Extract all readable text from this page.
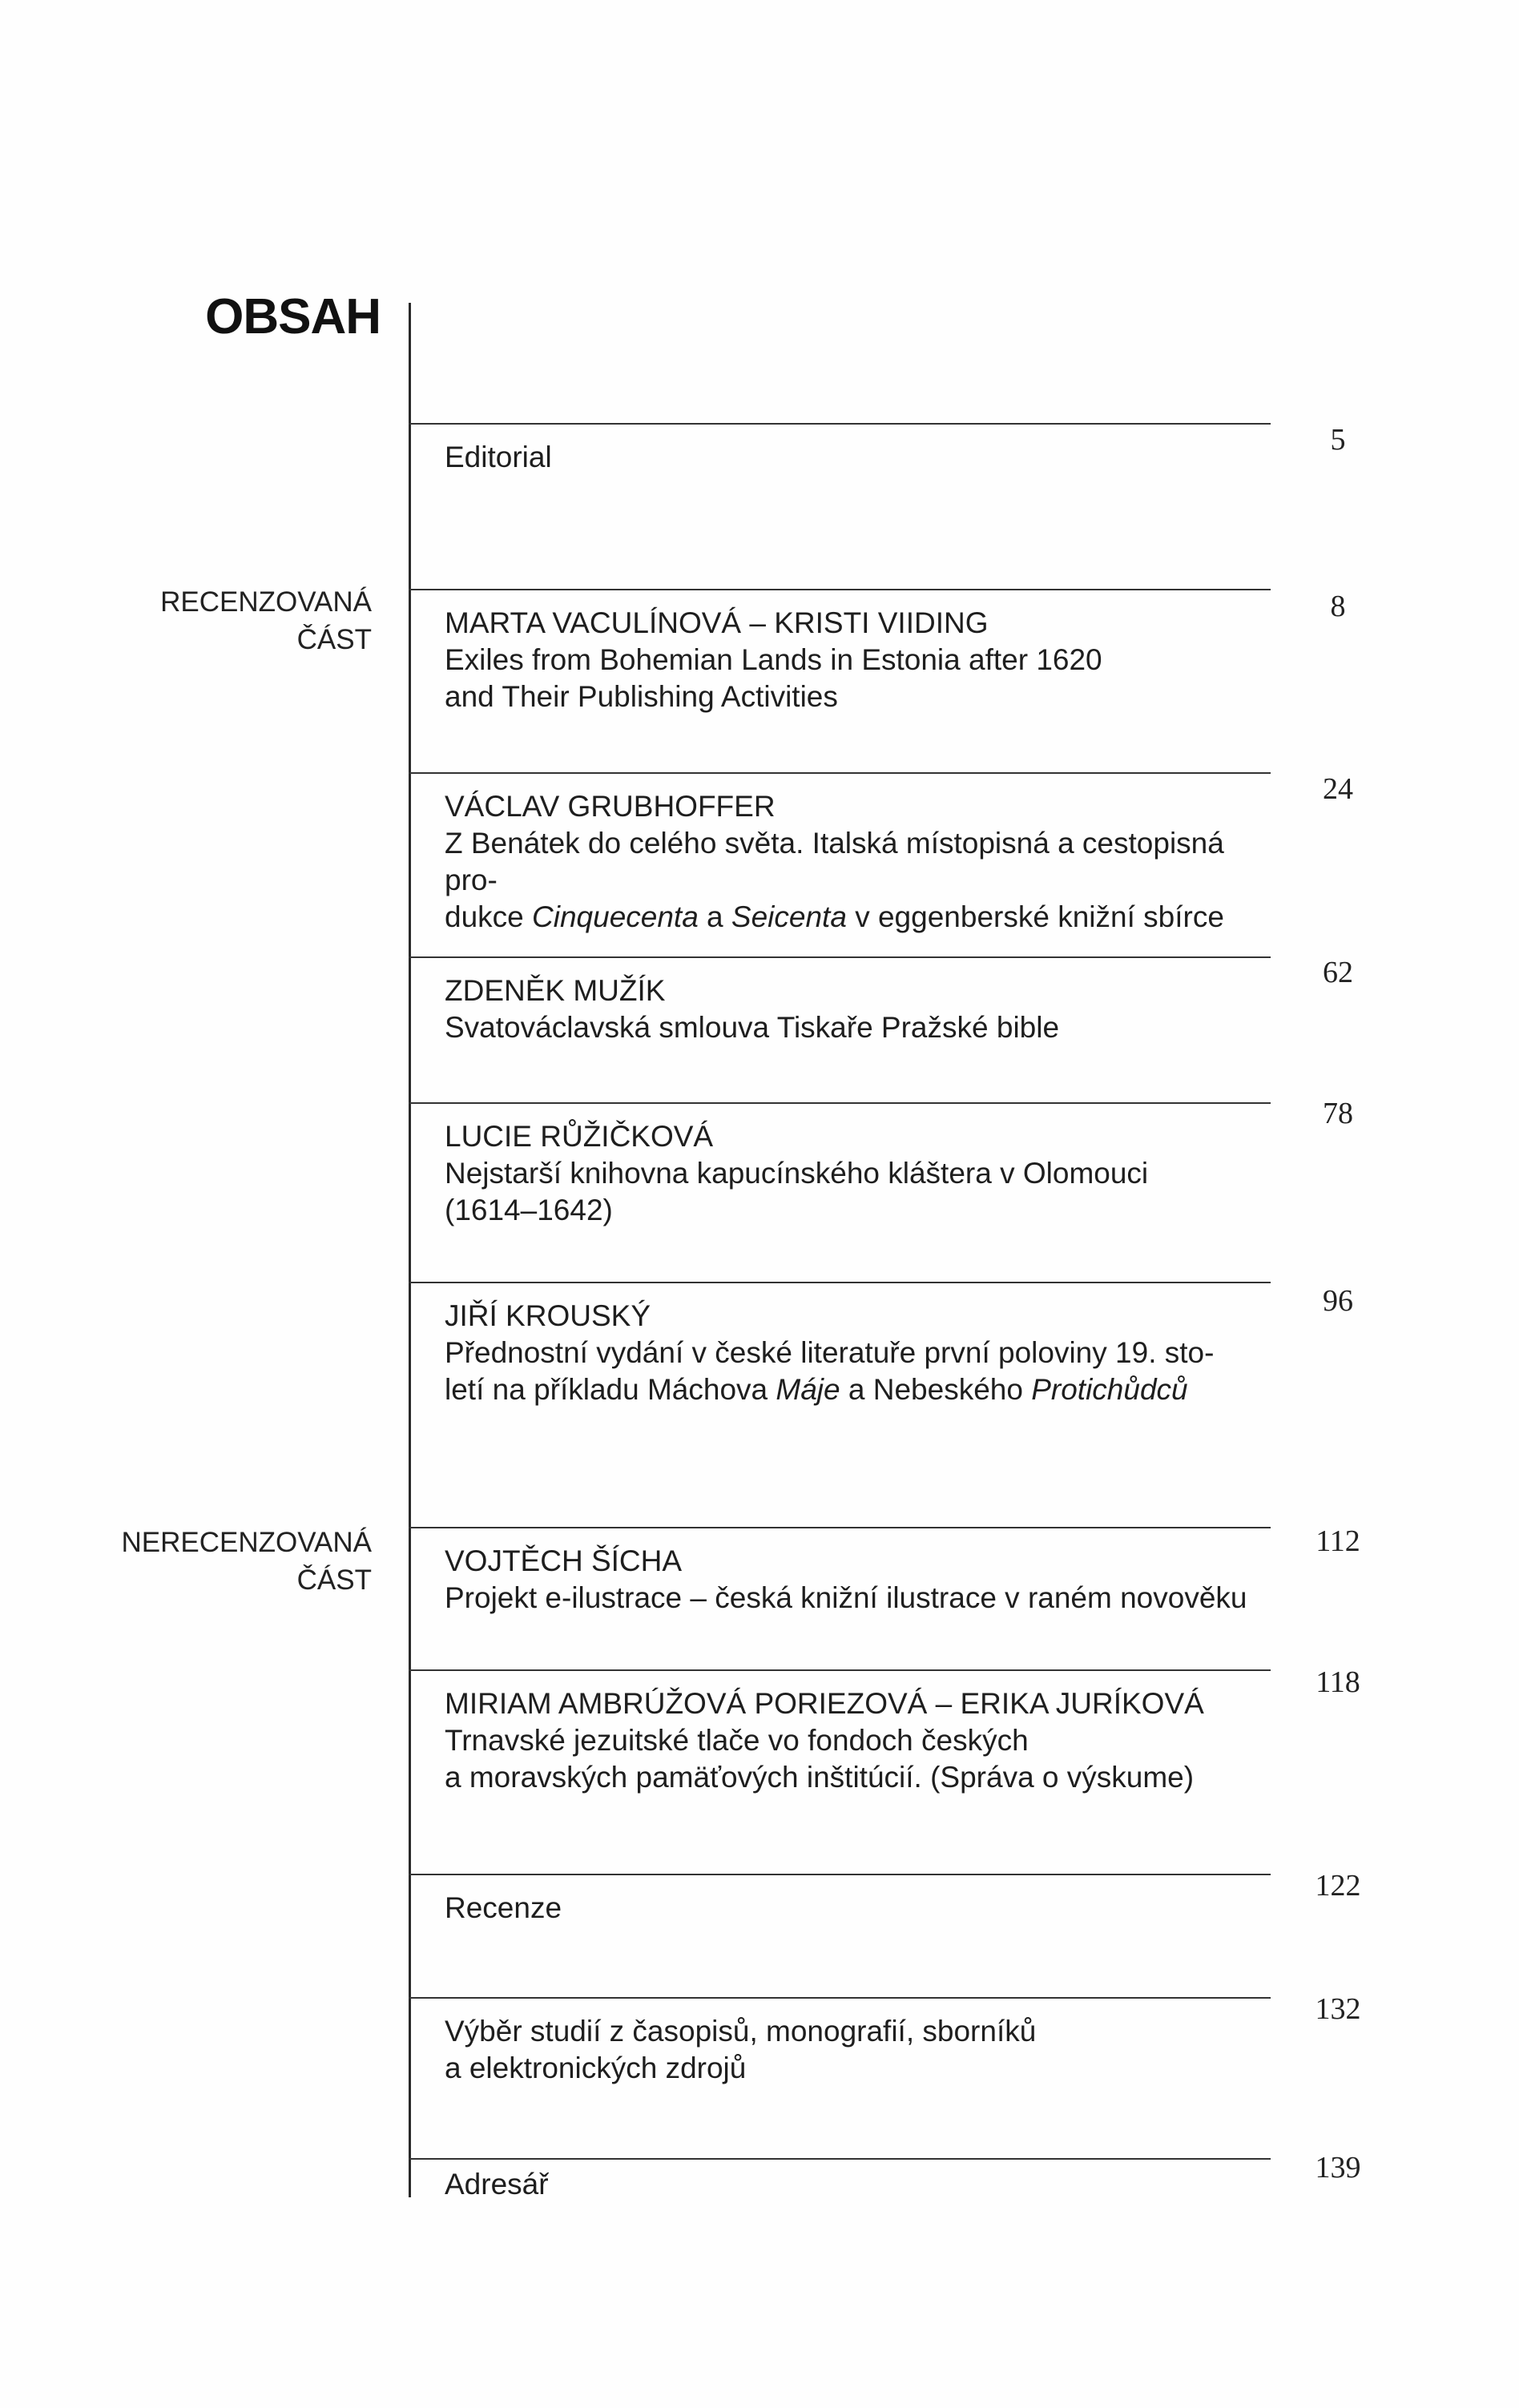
OBSAH
RECENZOVANÁ
ČÁST
NERECENZOVANÁ
ČÁST
Editorial
5
MARTA VACULÍNOVÁ – KRISTI VIIDING
Exiles from Bohemian Lands in Estonia after 1620
and Their Publishing Activities
8
VÁCLAV GRUBHOFFER
Z Benátek do celého světa. Italská místopisná a cestopisná pro-
dukce Cinquecenta a Seicenta v eggenberské knižní sbírce
24
ZDENĚK MUŽÍK
Svatováclavská smlouva Tiskaře Pražské bible
62
LUCIE RŮŽIČKOVÁ
Nejstarší knihovna kapucínského kláštera v Olomouci
(1614–1642)
78
JIŘÍ KROUSKÝ
Přednostní vydání v české literatuře první poloviny 19. sto-
letí na příkladu Máchova Máje a Nebeského Protichůdců
96
VOJTĚCH ŠÍCHA
Projekt e-ilustrace – česká knižní ilustrace v raném novověku
112
MIRIAM AMBRÚŽOVÁ PORIEZOVÁ – ERIKA JURÍKOVÁ
Trnavské jezuitské tlače vo fondoch českých
a moravských pamäťových inštitúcií. (Správa o výskume)
118
Recenze
122
Výběr studií z časopisů, monografií, sborníků
a elektronických zdrojů
132
Adresář	139
